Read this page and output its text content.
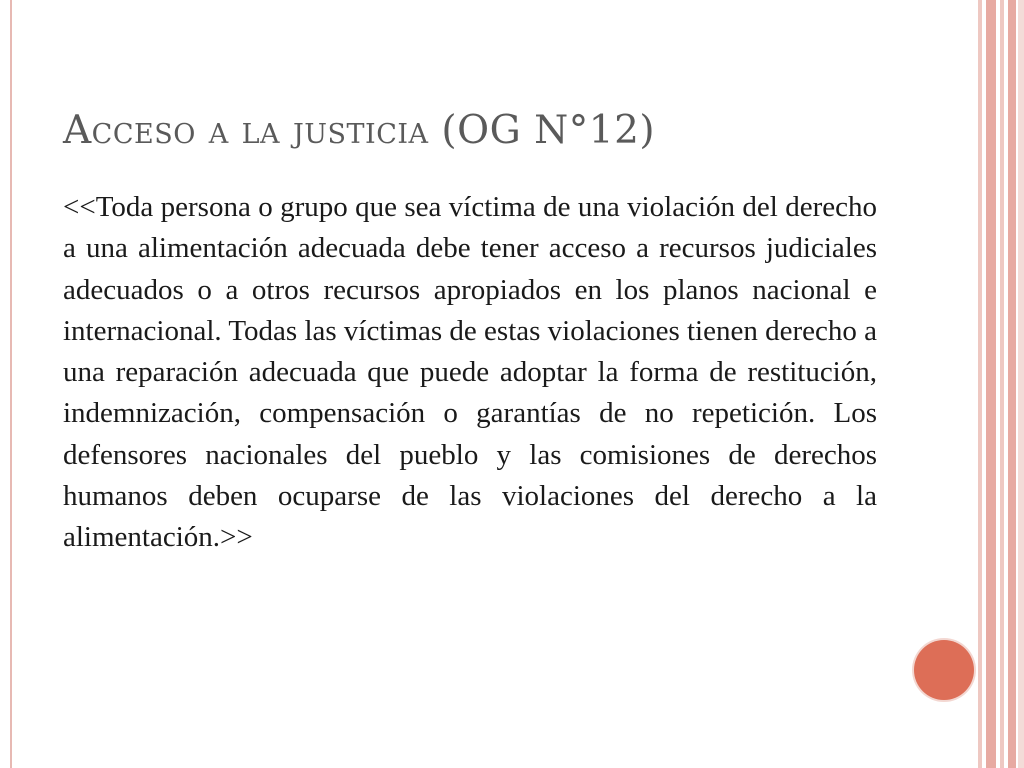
Acceso a la justicia (OG N°12)

<<Toda persona o grupo que sea víctima de una violación del derecho a una alimentación adecuada debe tener acceso a recursos judiciales adecuados o a otros recursos apropiados en los planos nacional e internacional. Todas las víctimas de estas violaciones tienen derecho a una reparación adecuada que puede adoptar la forma de restitución, indemnización, compensación o garantías de no repetición. Los defensores nacionales del pueblo y las comisiones de derechos humanos deben ocuparse de las violaciones del derecho a la alimentación.>>
